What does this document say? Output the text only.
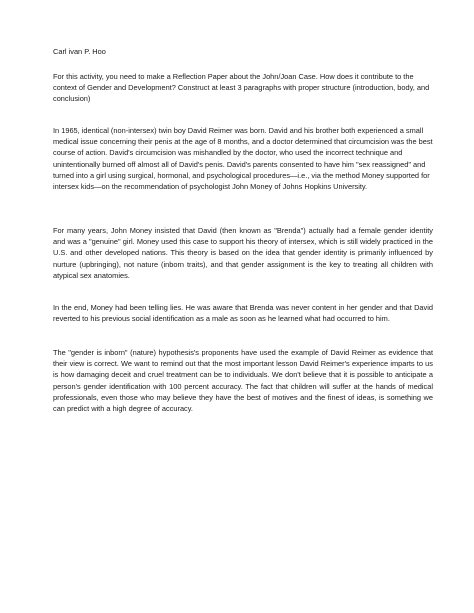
Carl ivan P. Hoo

For this activity, you need to make a Reflection Paper about the John/Joan Case. How does it contribute to the context of Gender and Development? Construct at least 3 paragraphs with proper structure (introduction, body, and conclusion)

In 1965, identical (non-intersex) twin boy David Reimer was born. David and his brother both experienced a small medical issue concerning their penis at the age of 8 months, and a doctor determined that circumcision was the best course of action. David's circumcision was mishandled by the doctor, who used the incorrect technique and unintentionally burned off almost all of David's penis. David's parents consented to have him "sex reassigned" and turned into a girl using surgical, hormonal, and psychological procedures—i.e., via the method Money supported for intersex kids—on the recommendation of psychologist John Money of Johns Hopkins University.

For many years, John Money insisted that David (then known as "Brenda") actually had a female gender identity and was a "genuine" girl. Money used this case to support his theory of intersex, which is still widely practiced in the U.S. and other developed nations. This theory is based on the idea that gender identity is primarily influenced by nurture (upbringing), not nature (inborn traits), and that gender assignment is the key to treating all children with atypical sex anatomies.

In the end, Money had been telling lies. He was aware that Brenda was never content in her gender and that David reverted to his previous social identification as a male as soon as he learned what had occurred to him.

The "gender is inborn" (nature) hypothesis's proponents have used the example of David Reimer as evidence that their view is correct. We want to remind out that the most important lesson David Reimer's experience imparts to us is how damaging deceit and cruel treatment can be to individuals. We don't believe that it is possible to anticipate a person's gender identification with 100 percent accuracy. The fact that children will suffer at the hands of medical professionals, even those who may believe they have the best of motives and the finest of ideas, is something we can predict with a high degree of accuracy.
